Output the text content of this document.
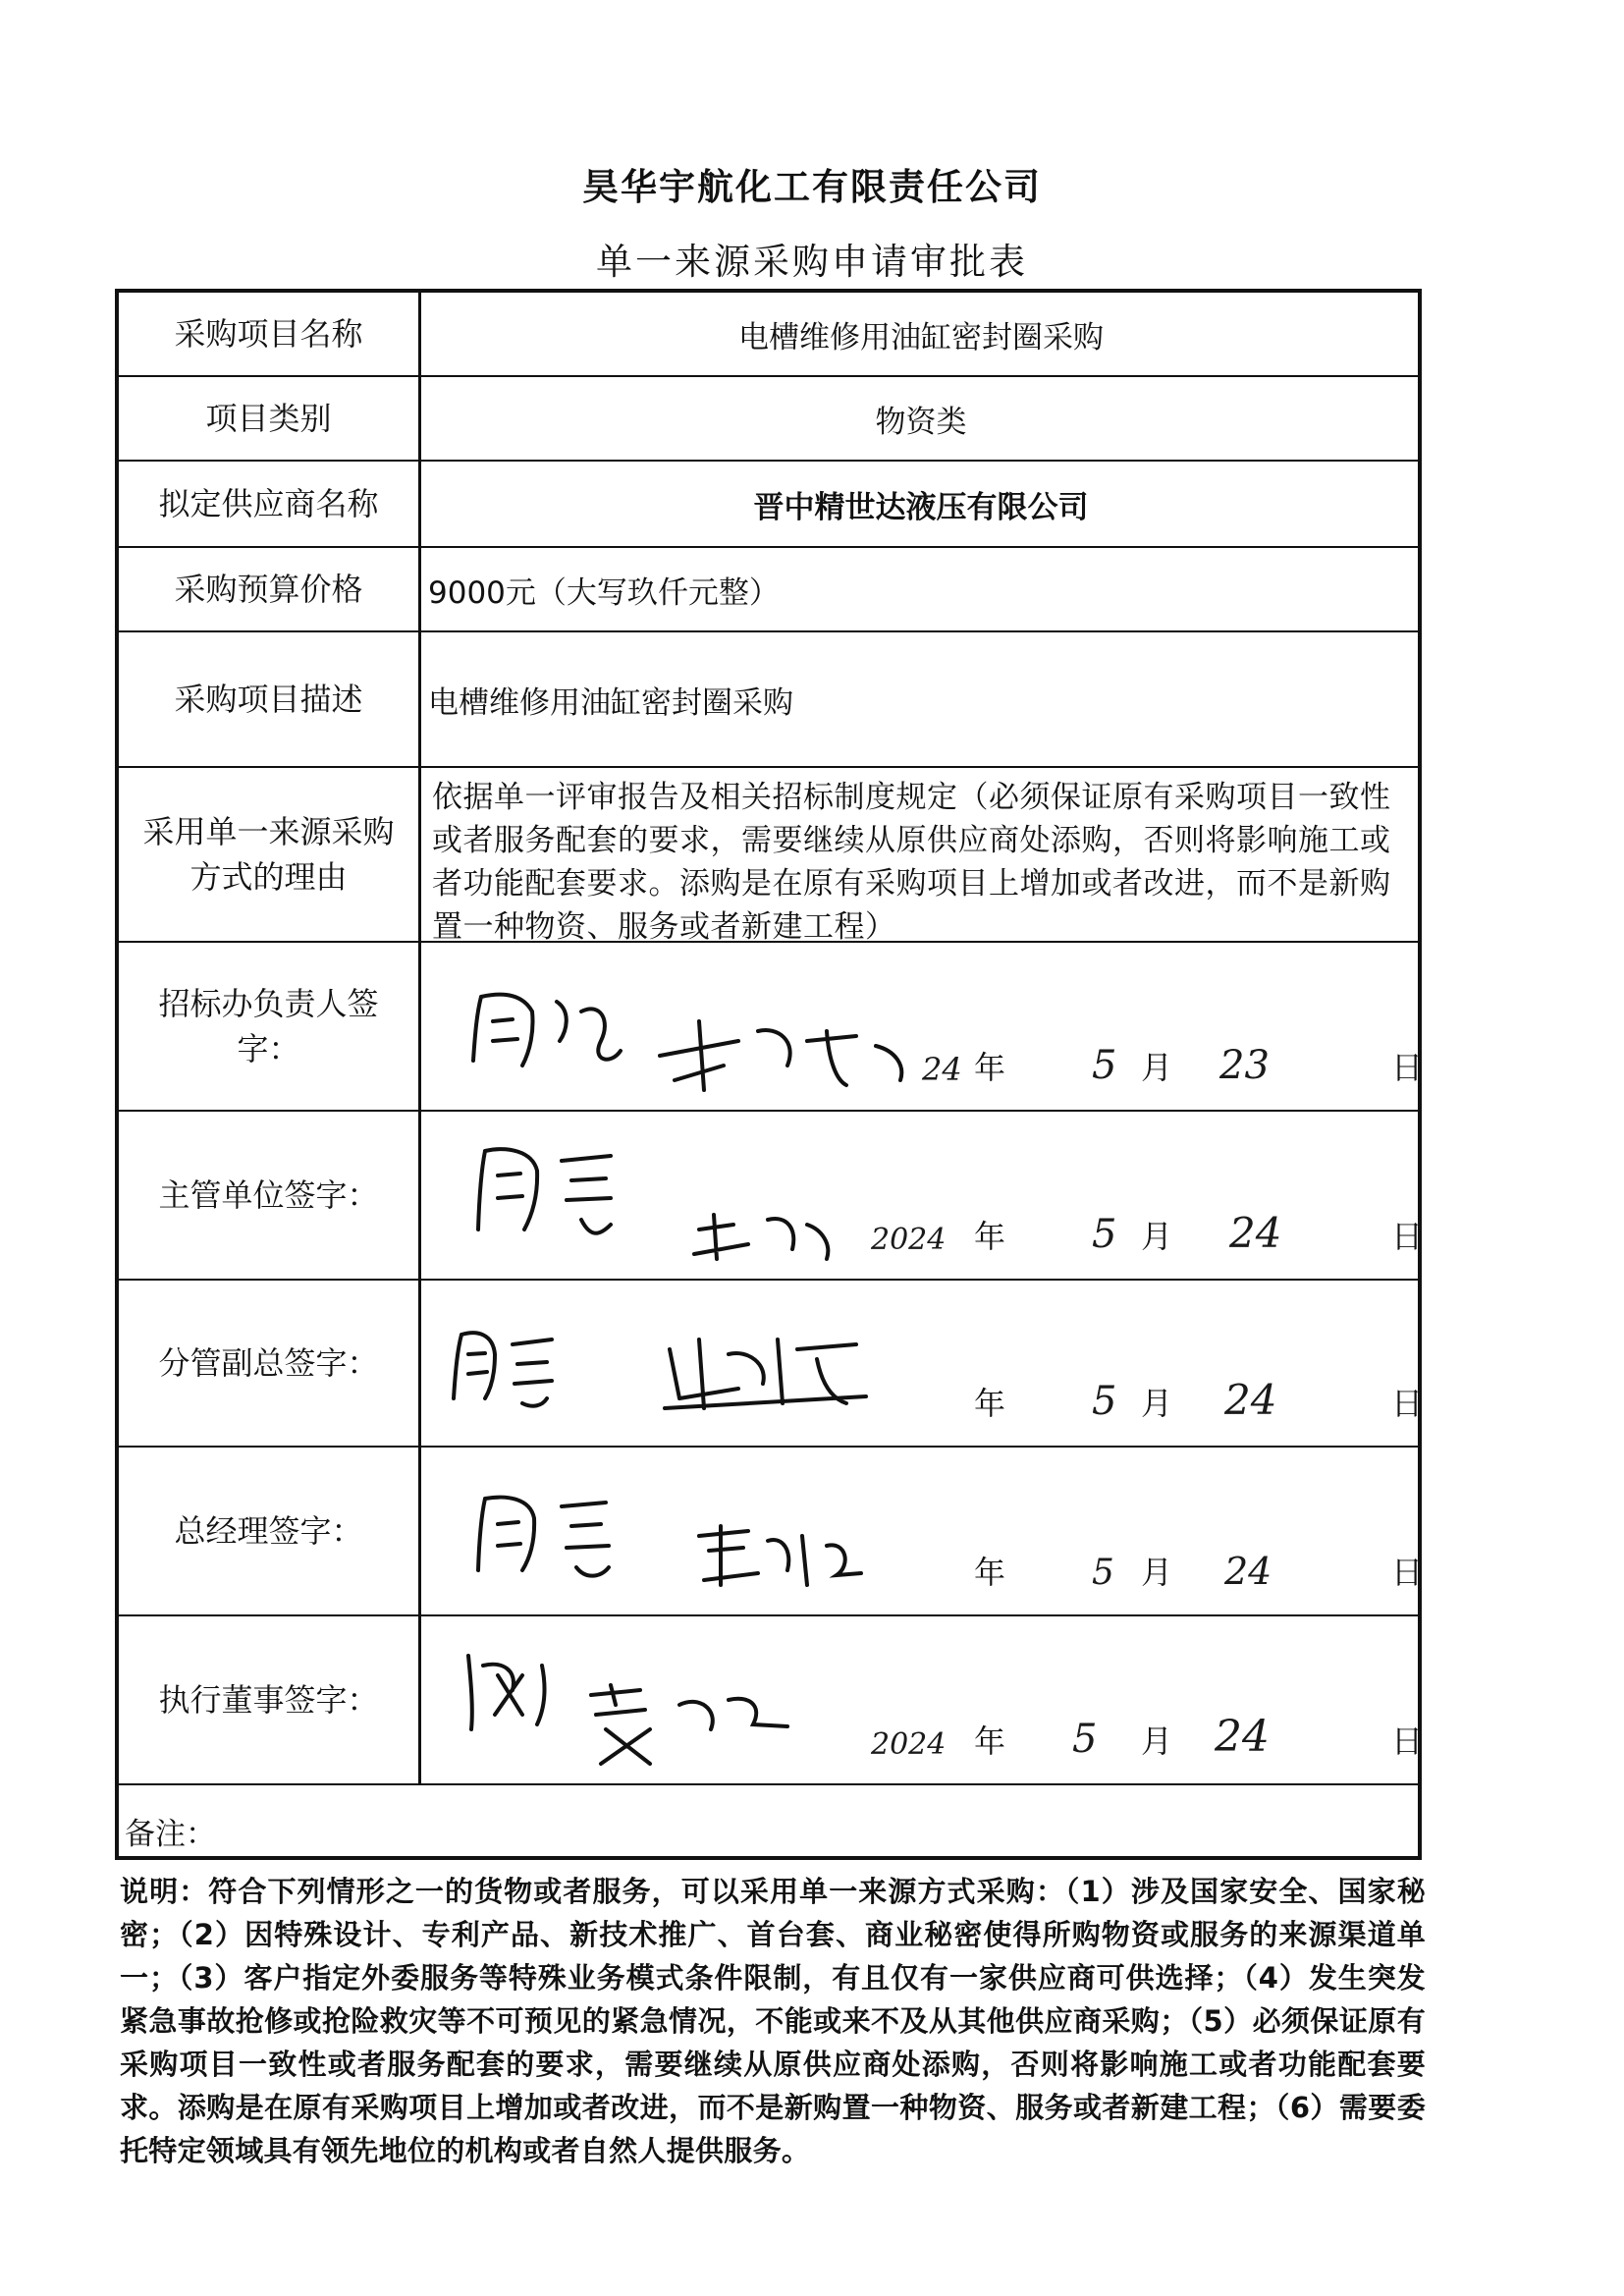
昊华宇航化工有限责任公司
单一来源采购申请审批表
采购项目名称	电槽维修用油缸密封圈采购
项目类别	物资类
拟定供应商名称	晋中精世达液压有限公司
采购预算价格	9000元（大写玖仟元整）
采购项目描述	电槽维修用油缸密封圈采购
采用单一来源采购方式的理由
依据单一评审报告及相关招标制度规定（必须保证原有采购项目一致性或者服务配套的要求，需要继续从原供应商处添购，否则将影响施工或者功能配套要求。添购是在原有采购项目上增加或者改进，而不是新购置一种物资、服务或者新建工程）
招标办负责人签字：
24 年 5 月 23	日
主管单位签字：
2024 年 5 月 24	日
分管副总签字：
年 5 月 24	日
总经理签字：
年 5 月 24	日
执行董事签字：
2024 年 5 月 24	日
备注：
说明：符合下列情形之一的货物或者服务，可以采用单一来源方式采购：（1）涉及国家安全、国家秘密；（2）因特殊设计、专利产品、新技术推广、首台套、商业秘密使得所购物资或服务的来源渠道单一；（3）客户指定外委服务等特殊业务模式条件限制，有且仅有一家供应商可供选择；（4）发生突发紧急事故抢修或抢险救灾等不可预见的紧急情况，不能或来不及从其他供应商采购；（5）必须保证原有采购项目一致性或者服务配套的要求，需要继续从原供应商处添购，否则将影响施工或者功能配套要求。添购是在原有采购项目上增加或者改进，而不是新购置一种物资、服务或者新建工程；（6）需要委托特定领域具有领先地位的机构或者自然人提供服务。
